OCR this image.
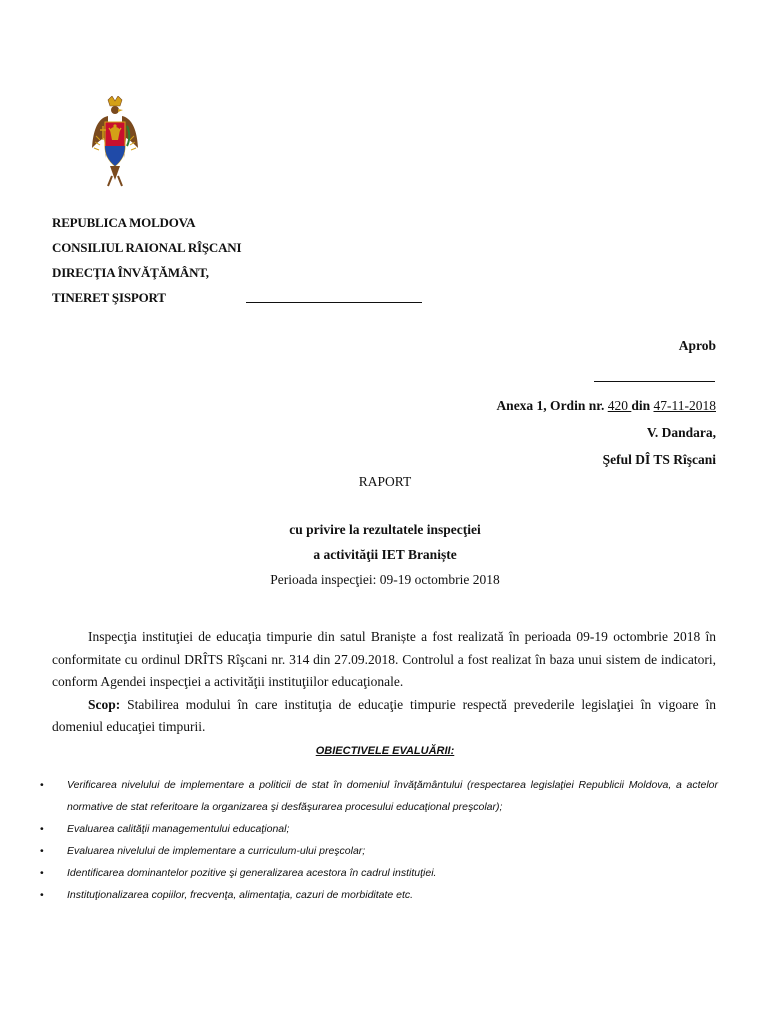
REPUBLICA MOLDOVA
CONSILIUL RAIONAL RÎŞCANI
DIRECŢIA ÎNVĂŢĂMÂNT,
TINERET ŞISPORT
Aprob
Anexa 1, Ordin nr. 420 din 47-11-2018
V. Dandara,
Şeful DÎ TS Rîşcani
RAPORT
cu privire la rezultatele inspecţiei
a activităţii IET Braniște
Perioada inspecţiei: 09-19 octombrie 2018

Inspecţia instituţiei de educaţia timpurie din satul Braniște a fost realizată în perioada 09-19 octombrie 2018 în conformitate cu ordinul DRÎTS Rîşcani nr. 314 din 27.09.2018. Controlul a fost realizat în baza unui sistem de indicatori, conform Agendei inspecţiei a activităţii instituţiilor educaţionale.

Scop: Stabilirea modului în care instituţia de educaţie timpurie respectă prevederile legislaţiei în vigoare în domeniul educaţiei timpurii.

OBIECTIVELE EVALUĂRII:
• Verificarea nivelului de implementare a politicii de stat în domeniul învăţământului (respectarea legislaţiei Republicii Moldova, a actelor normative de stat referitoare la organizarea şi desfăşurarea procesului educaţional preşcolar);
• Evaluarea calităţii managementului educaţional;
• Evaluarea nivelului de implementare a curriculum-ului preşcolar;
• Identificarea dominantelor pozitive şi generalizarea acestora în cadrul instituţiei.
• Instituţionalizarea copiilor, frecvenţa, alimentaţia, cazuri de morbiditate etc.
